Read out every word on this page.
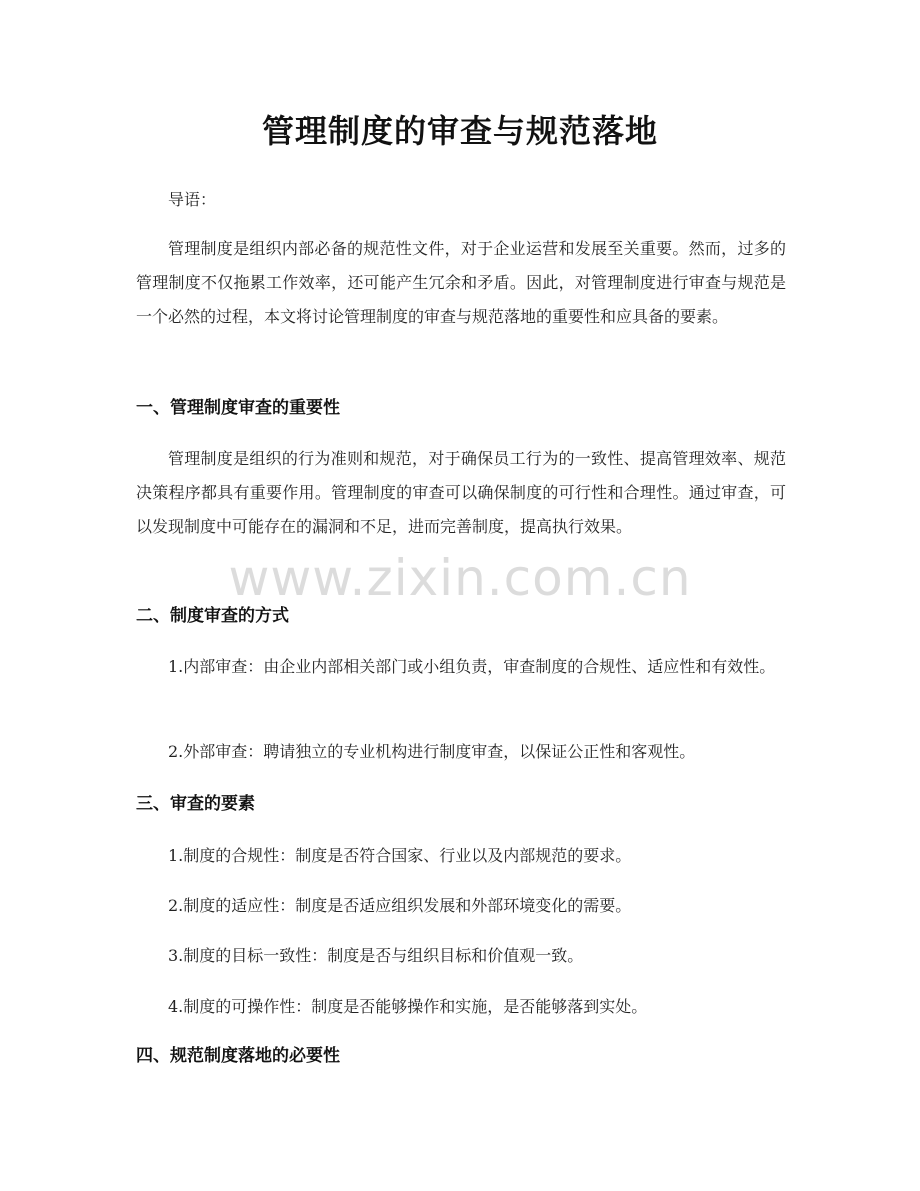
管理制度的审查与规范落地
导语：
管理制度是组织内部必备的规范性文件，对于企业运营和发展至关重要。然而，过多的管理制度不仅拖累工作效率，还可能产生冗余和矛盾。因此，对管理制度进行审查与规范是一个必然的过程，本文将讨论管理制度的审查与规范落地的重要性和应具备的要素。
一、管理制度审查的重要性
管理制度是组织的行为准则和规范，对于确保员工行为的一致性、提高管理效率、规范决策程序都具有重要作用。管理制度的审查可以确保制度的可行性和合理性。通过审查，可以发现制度中可能存在的漏洞和不足，进而完善制度，提高执行效果。
www.zixin.com.cn
二、制度审查的方式
1.内部审查：由企业内部相关部门或小组负责，审查制度的合规性、适应性和有效性。
2.外部审查：聘请独立的专业机构进行制度审查，以保证公正性和客观性。
三、审查的要素
1.制度的合规性：制度是否符合国家、行业以及内部规范的要求。
2.制度的适应性：制度是否适应组织发展和外部环境变化的需要。
3.制度的目标一致性：制度是否与组织目标和价值观一致。
4.制度的可操作性：制度是否能够操作和实施，是否能够落到实处。
四、规范制度落地的必要性
